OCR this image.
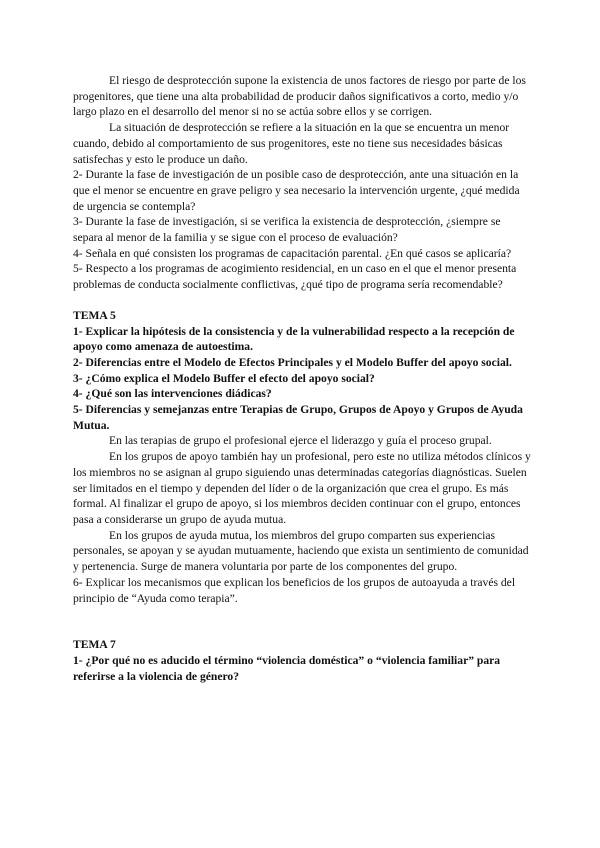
El riesgo de desprotección supone la existencia de unos factores de riesgo por parte de los progenitores, que tiene una alta probabilidad de producir daños significativos a corto, medio y/o largo plazo en el desarrollo del menor si no se actúa sobre ellos y se corrigen.

La situación de desprotección se refiere a la situación en la que se encuentra un menor cuando, debido al comportamiento de sus progenitores, este no tiene sus necesidades básicas satisfechas y esto le produce un daño.

2- Durante la fase de investigación de un posible caso de desprotección, ante una situación en la que el menor se encuentre en grave peligro y sea necesario la intervención urgente, ¿qué medida de urgencia se contempla?

3- Durante la fase de investigación, si se verifica la existencia de desprotección, ¿siempre se separa al menor de la familia y se sigue con el proceso de evaluación?

4- Señala en qué consisten los programas de capacitación parental. ¿En qué casos se aplicaría?

5- Respecto a los programas de acogimiento residencial, en un caso en el que el menor presenta problemas de conducta socialmente conflictivas, ¿qué tipo de programa sería recomendable?

TEMA 5

1- Explicar la hipótesis de la consistencia y de la vulnerabilidad respecto a la recepción de apoyo como amenaza de autoestima.

2- Diferencias entre el Modelo de Efectos Principales y el Modelo Buffer del apoyo social.

3- ¿Cómo explica el Modelo Buffer el efecto del apoyo social?

4- ¿Qué son las intervenciones diádicas?

5- Diferencias y semejanzas entre Terapias de Grupo, Grupos de Apoyo y Grupos de Ayuda Mutua.

En las terapias de grupo el profesional ejerce el liderazgo y guía el proceso grupal.

En los grupos de apoyo también hay un profesional, pero este no utiliza métodos clínicos y los miembros no se asignan al grupo siguiendo unas determinadas categorías diagnósticas. Suelen ser limitados en el tiempo y dependen del líder o de la organización que crea el grupo. Es más formal. Al finalizar el grupo de apoyo, si los miembros deciden continuar con el grupo, entonces pasa a considerarse un grupo de ayuda mutua.

En los grupos de ayuda mutua, los miembros del grupo comparten sus experiencias personales, se apoyan y se ayudan mutuamente, haciendo que exista un sentimiento de comunidad y pertenencia. Surge de manera voluntaria por parte de los componentes del grupo.

6- Explicar los mecanismos que explican los beneficios de los grupos de autoayuda a través del principio de “Ayuda como terapia”.

TEMA 7

1- ¿Por qué no es aducido el término “violencia doméstica” o “violencia familiar” para referirse a la violencia de género?
